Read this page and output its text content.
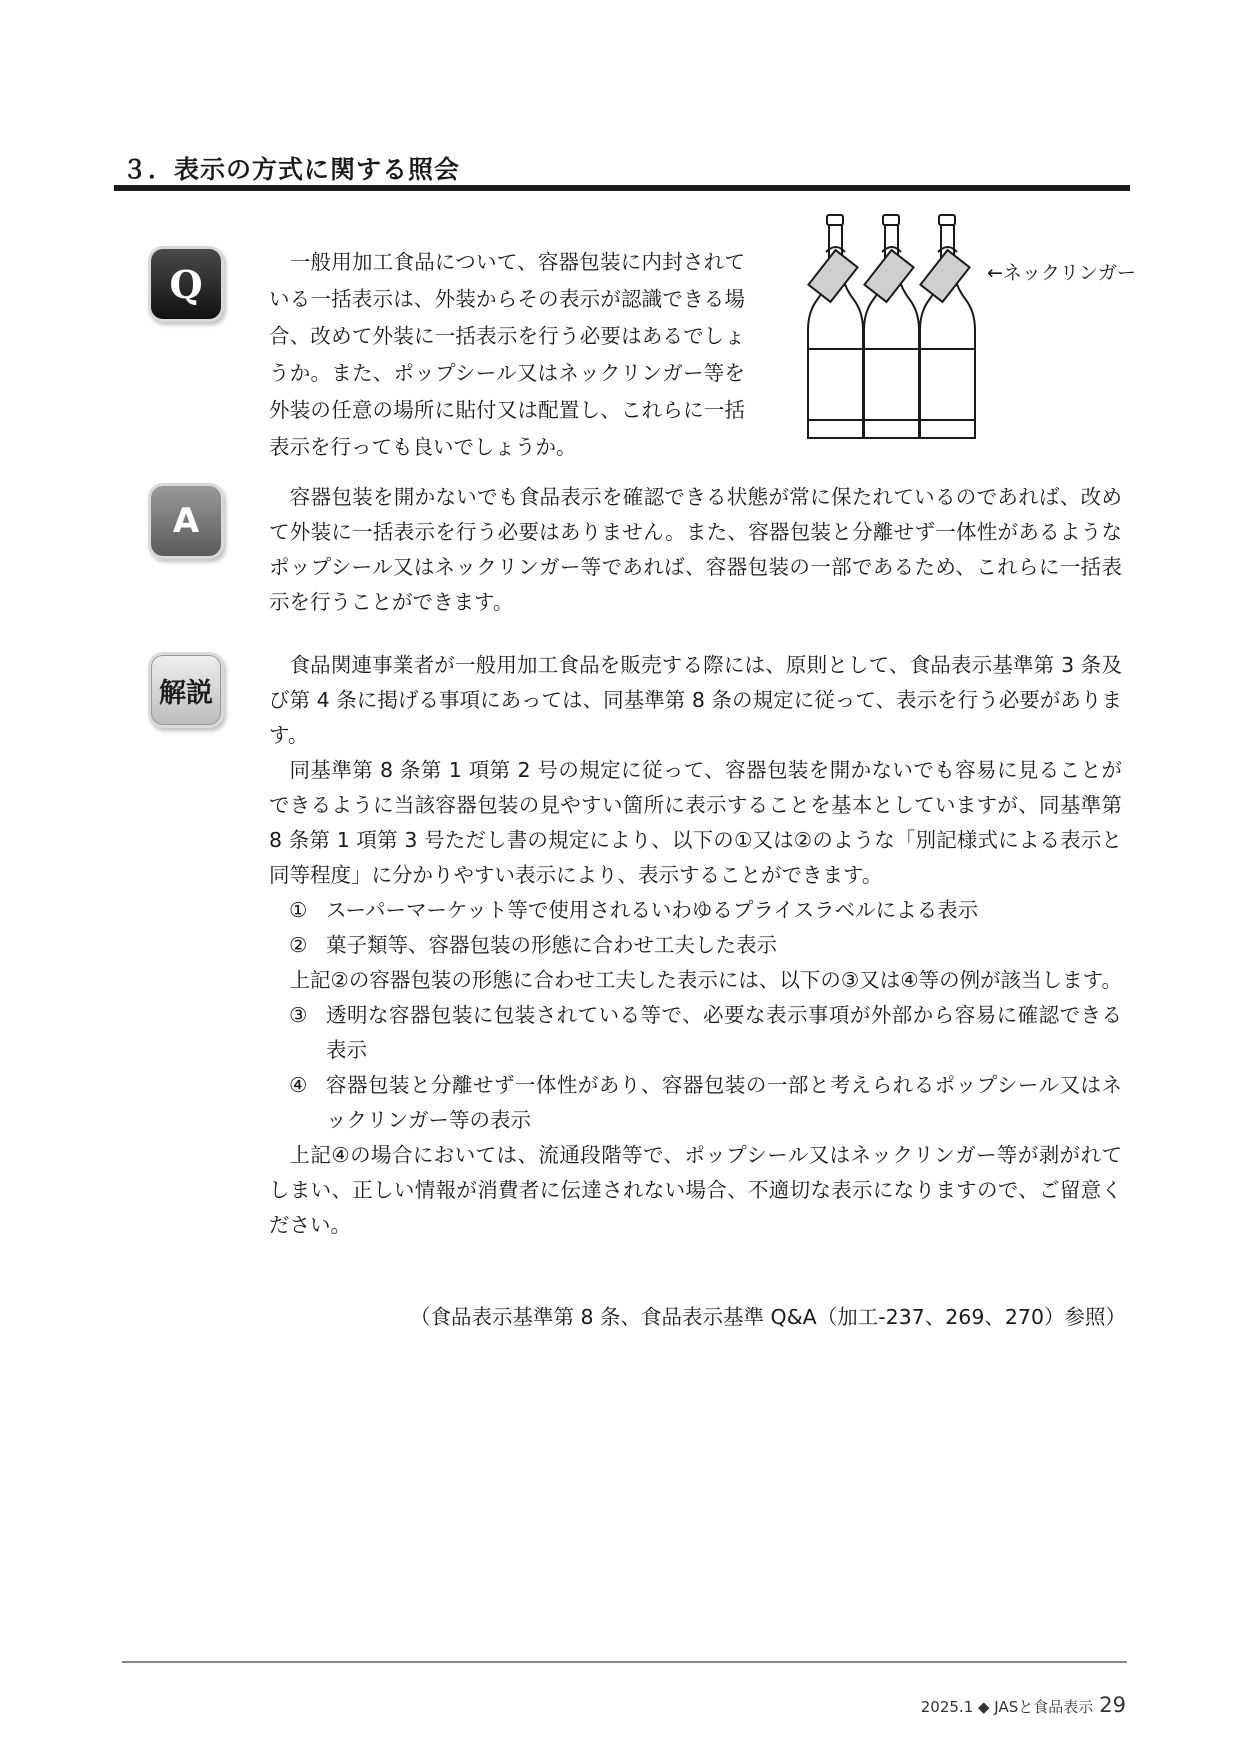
３．表示の方式に関する照会
Q	　一般用加工食品について、容器包装に内封されている一括表示は、外装からその表示が認識できる場合、改めて外装に一括表示を行う必要はあるでしょうか。また、ポップシール又はネックリンガー等を外装の任意の場所に貼付又は配置し、これらに一括表示を行っても良いでしょうか。

←ネックリンガー
A

　容器包装を開かないでも食品表示を確認できる状態が常に保たれているのであれば、改めて外装に一括表示を行う必要はありません。また、容器包装と分離せず一体性があるようなポップシール又はネックリンガー等であれば、容器包装の一部であるため、これらに一括表示を行うことができます。

解説

食品関連事業者が一般用加工食品を販売する際には、原則として、食品表示基準第 3 条及び第 4 条に掲げる事項にあっては、同基準第 8 条の規定に従って、表示を行う必要があります。

同基準第 8 条第 1 項第 2 号の規定に従って、容器包装を開かないでも容易に見ることができるように当該容器包装の見やすい箇所に表示することを基本としていますが、同基準第 8 条第 1 項第 3 号ただし書の規定により、以下の①又は②のような「別記様式による表示と同等程度」に分かりやすい表示により、表示することができます。

① スーパーマーケット等で使用されるいわゆるプライスラベルによる表示

② 菓子類等、容器包装の形態に合わせ工夫した表示

上記②の容器包装の形態に合わせ工夫した表示には、以下の③又は④等の例が該当します。

③ 透明な容器包装に包装されている等で、必要な表示事項が外部から容易に確認できる表示

④ 容器包装と分離せず一体性があり、容器包装の一部と考えられるポップシール又はネックリンガー等の表示

上記④の場合においては、流通段階等で、ポップシール又はネックリンガー等が剥がれてしまい、正しい情報が消費者に伝達されない場合、不適切な表示になりますので、ご留意ください。

（食品表示基準第 8 条、食品表示基準 Q&A（加工-237、269、270）参照）
2025.1 ◆ JASと食品表示 29
